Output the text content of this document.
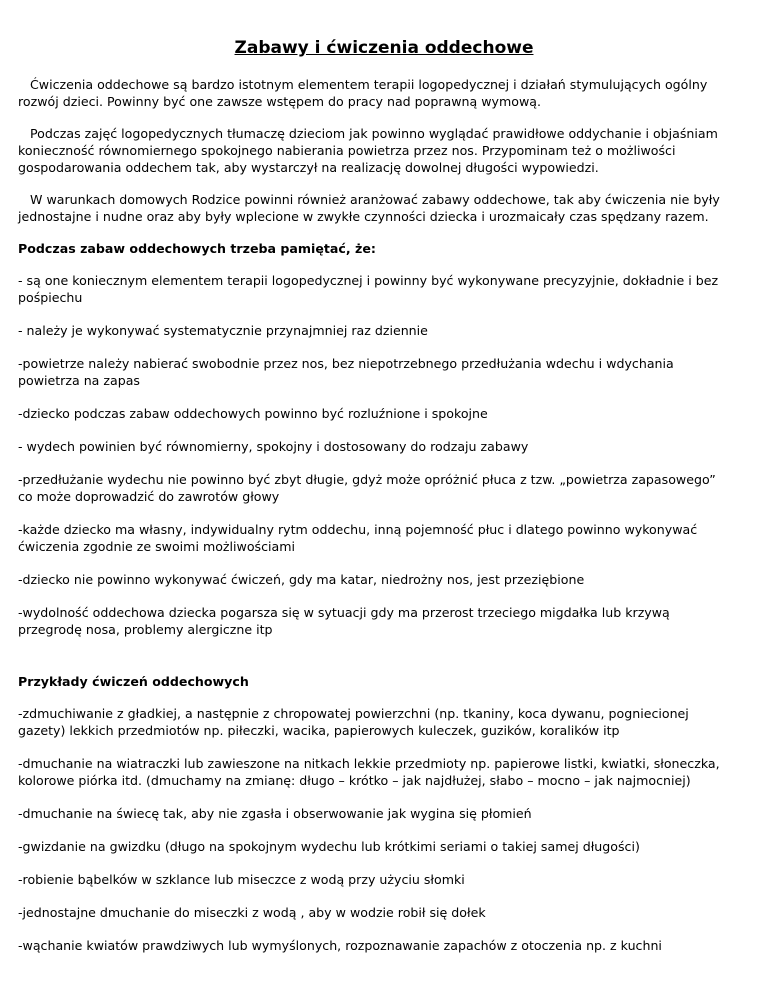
Zabawy i ćwiczenia oddechowe

Ćwiczenia oddechowe są bardzo istotnym elementem terapii logopedycznej i działań stymulujących ogólny rozwój dzieci. Powinny być one zawsze wstępem do pracy nad poprawną wymową.

Podczas zajęć logopedycznych tłumaczę dzieciom jak powinno wyglądać prawidłowe oddychanie i objaśniam konieczność równomiernego spokojnego nabierania powietrza przez nos. Przypominam też o możliwości gospodarowania oddechem tak, aby wystarczył na realizację dowolnej długości wypowiedzi.

W warunkach domowych Rodzice powinni również aranżować zabawy oddechowe, tak aby ćwiczenia nie były jednostajne i nudne oraz aby były wplecione w zwykłe czynności dziecka i urozmaicały czas spędzany razem.

Podczas zabaw oddechowych trzeba pamiętać, że:

- są one koniecznym elementem terapii logopedycznej i powinny być wykonywane precyzyjnie, dokładnie i bez pośpiechu

- należy je wykonywać systematycznie przynajmniej raz dziennie

-powietrze należy nabierać swobodnie przez nos, bez niepotrzebnego przedłużania wdechu i wdychania powietrza na zapas

-dziecko podczas zabaw oddechowych powinno być rozluźnione i spokojne

- wydech powinien być równomierny, spokojny i dostosowany do rodzaju zabawy

-przedłużanie wydechu nie powinno być zbyt długie, gdyż może opróżnić płuca z tzw. „powietrza zapasowego” co może doprowadzić do zawrotów głowy

-każde dziecko ma własny, indywidualny rytm oddechu, inną pojemność płuc i dlatego powinno wykonywać ćwiczenia zgodnie ze swoimi możliwościami

-dziecko nie powinno wykonywać ćwiczeń, gdy ma katar, niedrożny nos, jest przeziębione

-wydolność oddechowa dziecka pogarsza się w sytuacji gdy ma przerost trzeciego migdałka lub krzywą przegrodę nosa, problemy alergiczne itp

Przykłady ćwiczeń oddechowych

-zdmuchiwanie z gładkiej, a następnie z chropowatej powierzchni (np. tkaniny, koca dywanu, pogniecionej gazety) lekkich przedmiotów np. piłeczki, wacika, papierowych kuleczek, guzików, koralików itp

-dmuchanie na wiatraczki lub zawieszone na nitkach lekkie przedmioty np. papierowe listki, kwiatki, słoneczka, kolorowe piórka itd. (dmuchamy na zmianę: długo – krótko – jak najdłużej, słabo – mocno – jak najmocniej)

-dmuchanie na świecę tak, aby nie zgasła i obserwowanie jak wygina się płomień

-gwizdanie na gwizdku (długo na spokojnym wydechu lub krótkimi seriami o takiej samej długości)

-robienie bąbelków w szklance lub miseczce z wodą przy użyciu słomki

-jednostajne dmuchanie do miseczki z wodą , aby w wodzie robił się dołek

-wąchanie kwiatów prawdziwych lub wymyślonych, rozpoznawanie zapachów z otoczenia np. z kuchni
